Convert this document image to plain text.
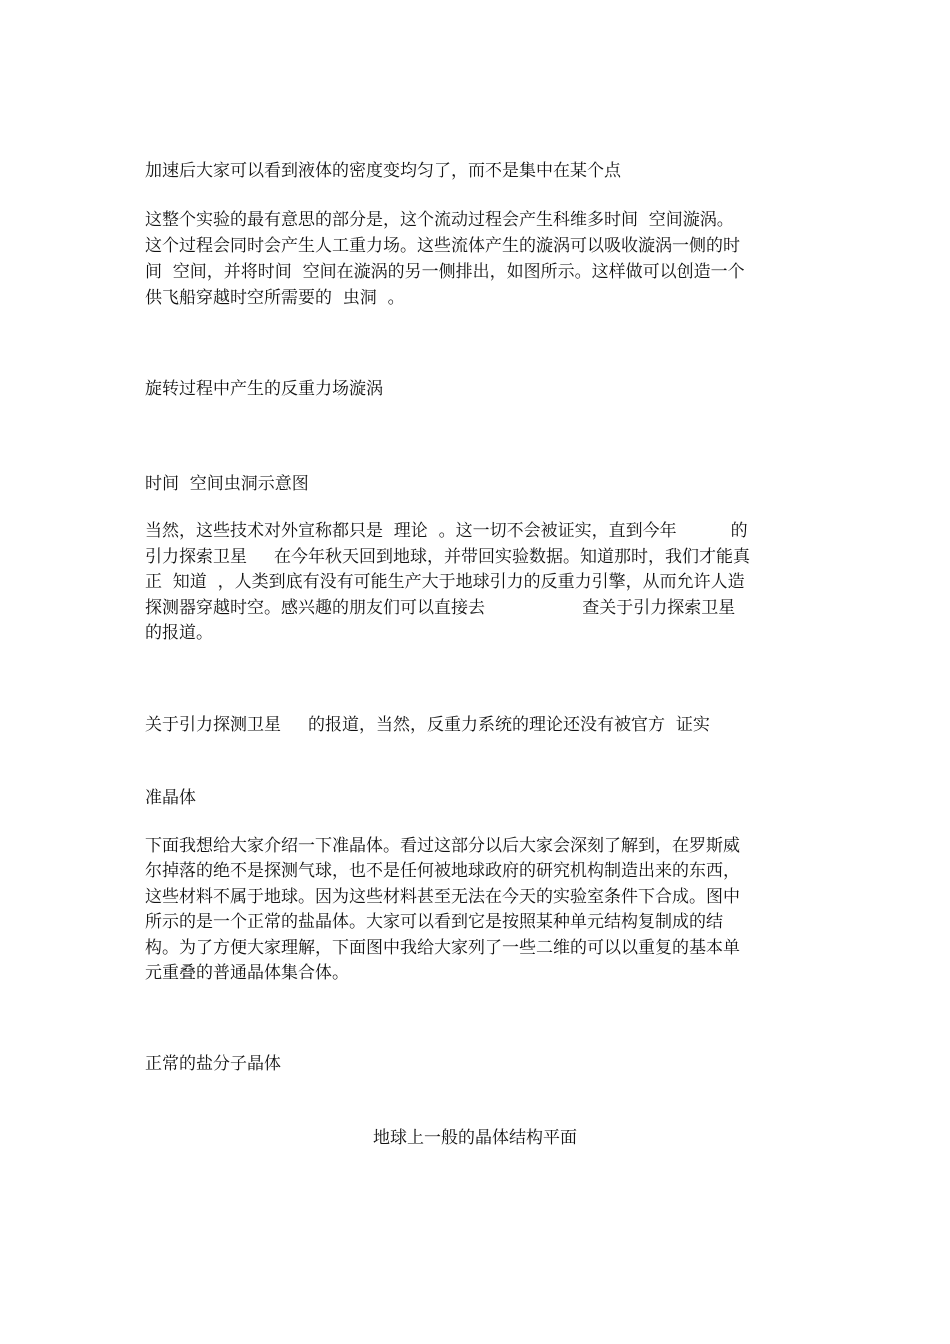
加速后大家可以看到液体的密度变均匀了，而不是集中在某个点
这整个实验的最有意思的部分是，这个流动过程会产生科维多时间  空间漩涡。
这个过程会同时会产生人工重力场。这些流体产生的漩涡可以吸收漩涡一侧的时
间  空间，并将时间  空间在漩涡的另一侧排出，如图所示。这样做可以创造一个
供飞船穿越时空所需要的  虫洞  。
旋转过程中产生的反重力场漩涡
时间  空间虫洞示意图
当然，这些技术对外宣称都只是  理论  。这一切不会被证实，直到今年          的
引力探索卫星     在今年秋天回到地球，并带回实验数据。知道那时，我们才能真
正  知道  ，人类到底有没有可能生产大于地球引力的反重力引擎，从而允许人造
探测器穿越时空。感兴趣的朋友们可以直接去                  查关于引力探索卫星
的报道。
关于引力探测卫星     的报道，当然，反重力系统的理论还没有被官方  证实
准晶体
下面我想给大家介绍一下准晶体。看过这部分以后大家会深刻了解到，在罗斯威
尔掉落的绝不是探测气球，也不是任何被地球政府的研究机构制造出来的东西，
这些材料不属于地球。因为这些材料甚至无法在今天的实验室条件下合成。图中
所示的是一个正常的盐晶体。大家可以看到它是按照某种单元结构复制成的结
构。为了方便大家理解，下面图中我给大家列了一些二维的可以以重复的基本单
元重叠的普通晶体集合体。
正常的盐分子晶体
地球上一般的晶体结构平面
